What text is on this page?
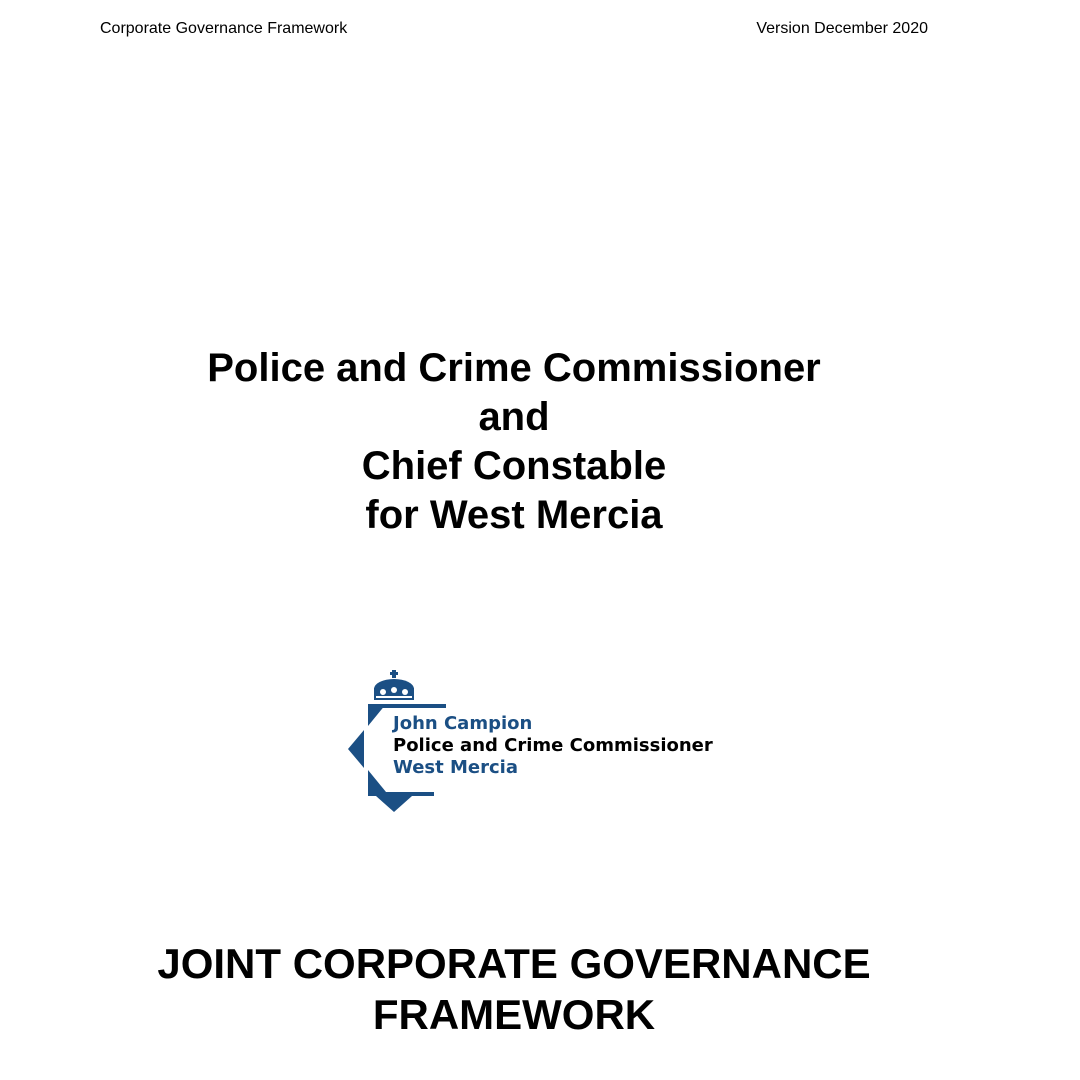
Corporate Governance Framework	Version December 2020
Police and Crime Commissioner
and
Chief Constable
for West Mercia
John Campion
Police and Crime Commissioner
West Mercia
JOINT CORPORATE GOVERNANCE
FRAMEWORK
